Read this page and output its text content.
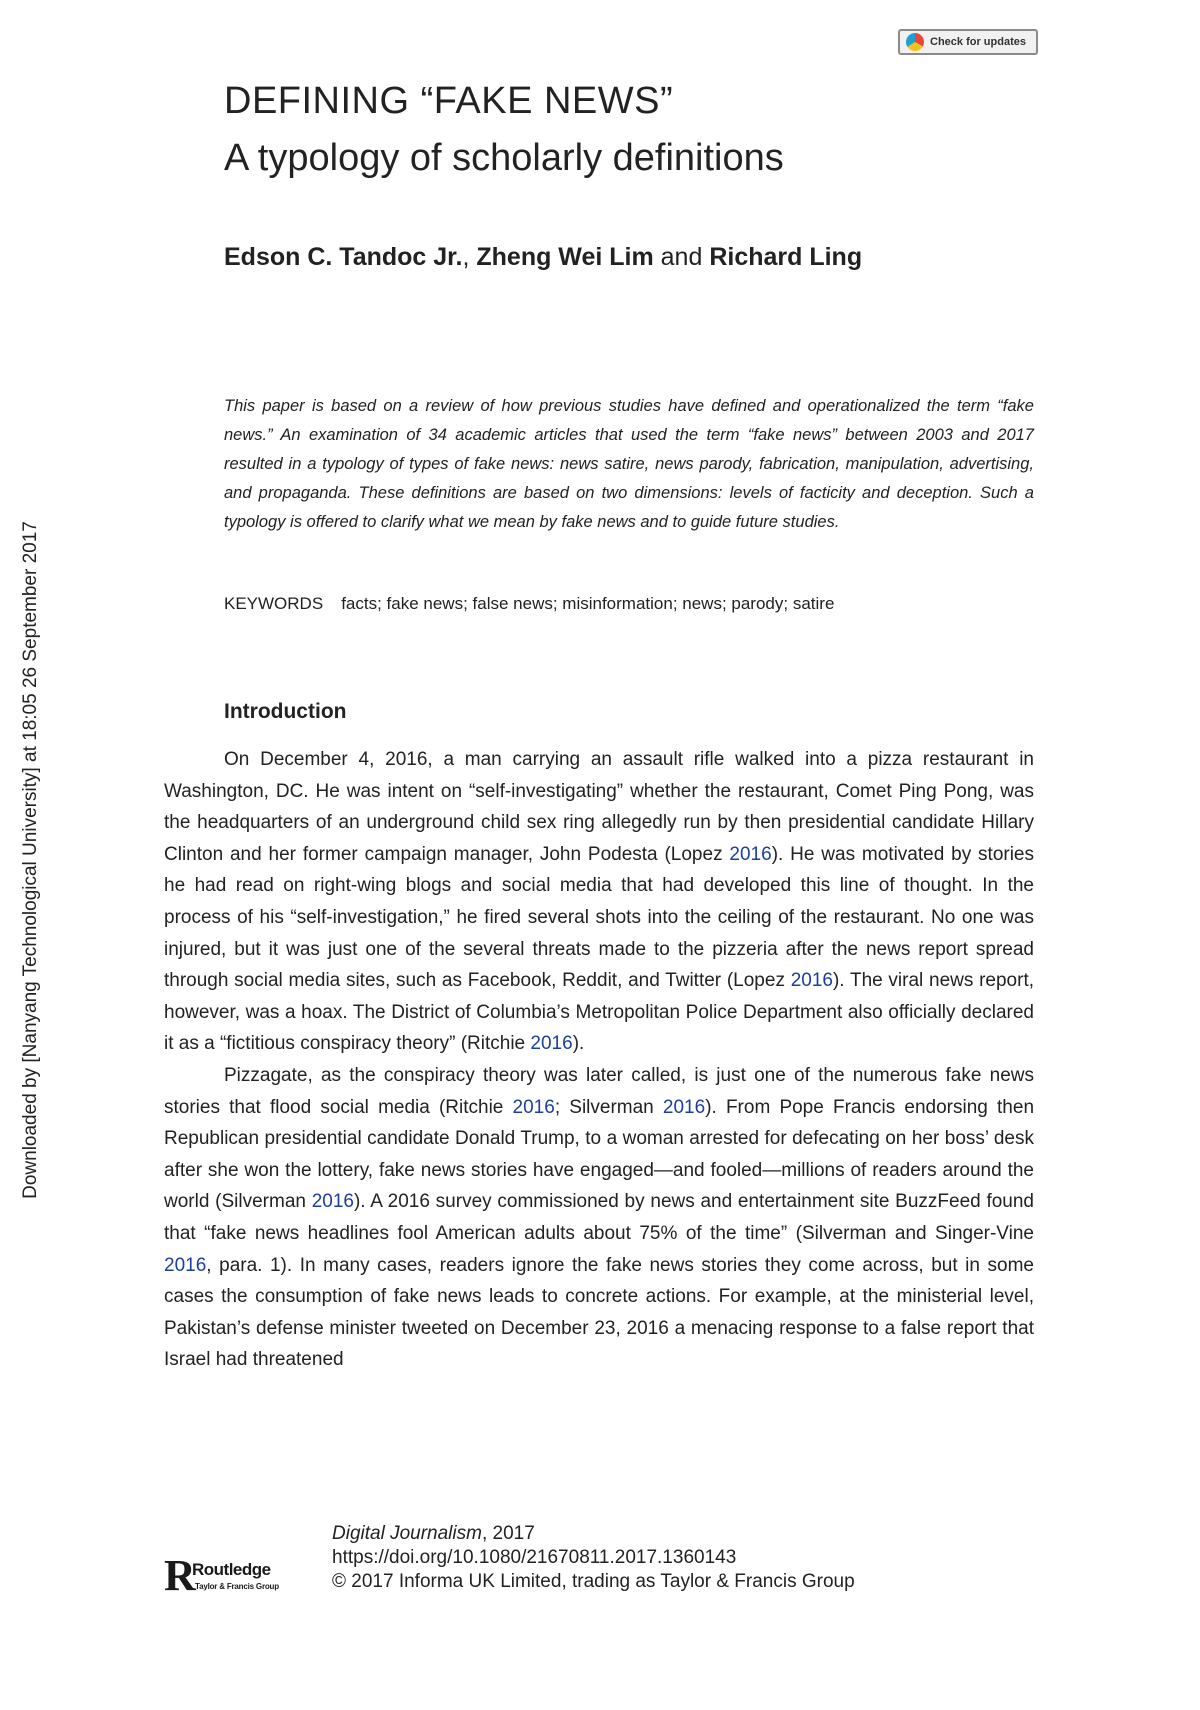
Check for updates
Downloaded by [Nanyang Technological University] at 18:05 26 September 2017
DEFINING “FAKE NEWS”
A typology of scholarly definitions
Edson C. Tandoc Jr., Zheng Wei Lim and Richard Ling

This paper is based on a review of how previous studies have defined and operationalized the term “fake news.” An examination of 34 academic articles that used the term “fake news” between 2003 and 2017 resulted in a typology of types of fake news: news satire, news parody, fabrication, manipulation, advertising, and propaganda. These definitions are based on two dimensions: levels of facticity and deception. Such a typology is offered to clarify what we mean by fake news and to guide future studies.

KEYWORDS facts; fake news; false news; misinformation; news; parody; satire
Introduction

On December 4, 2016, a man carrying an assault rifle walked into a pizza restaurant in Washington, DC. He was intent on “self-investigating” whether the restaurant, Comet Ping Pong, was the headquarters of an underground child sex ring allegedly run by then presidential candidate Hillary Clinton and her former campaign manager, John Podesta (Lopez 2016). He was motivated by stories he had read on right-wing blogs and social media that had developed this line of thought. In the process of his “self-investigation,” he fired several shots into the ceiling of the restaurant. No one was injured, but it was just one of the several threats made to the pizzeria after the news report spread through social media sites, such as Facebook, Reddit, and Twitter (Lopez 2016). The viral news report, however, was a hoax. The District of Columbia’s Metropolitan Police Department also officially declared it as a “fictitious conspiracy theory” (Ritchie 2016).

Pizzagate, as the conspiracy theory was later called, is just one of the numerous fake news stories that flood social media (Ritchie 2016; Silverman 2016). From Pope Francis endorsing then Republican presidential candidate Donald Trump, to a woman arrested for defecating on her boss’ desk after she won the lottery, fake news stories have engaged—and fooled—millions of readers around the world (Silverman 2016). A 2016 survey commissioned by news and entertainment site BuzzFeed found that “fake news headlines fool American adults about 75% of the time” (Silverman and Singer-Vine 2016, para. 1). In many cases, readers ignore the fake news stories they come across, but in some cases the consumption of fake news leads to concrete actions. For example, at the ministerial level, Pakistan’s defense minister tweeted on December 23, 2016 a menacing response to a false report that Israel had threatened

R
Routledge
Taylor & Francis Group
Digital Journalism, 2017
https://doi.org/10.1080/21670811.2017.1360143
© 2017 Informa UK Limited, trading as Taylor & Francis Group
